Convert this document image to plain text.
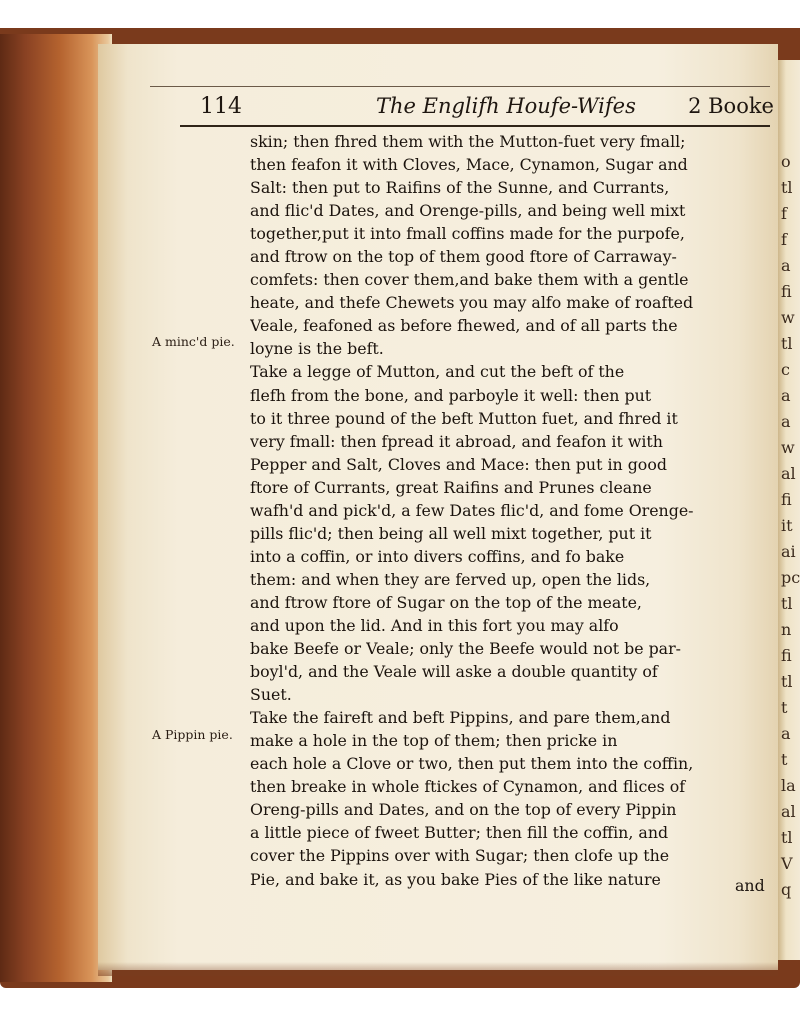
o
tl
f
f
a
fi
w
tl
c
a
a
w
al
fi
it
ai
pc
tl
n
fi
tl
t
a
t
la
al
tl
V
q
114	The Englifh Houfe-Wifes 2 Booke
A minc'd pie.
A Pippin pie.
skin; then fhred them with the Mutton-fuet very fmall;
then feafon it with Cloves, Mace, Cynamon, Sugar and
Salt: then put to Raifins of the Sunne, and Currants,
and flic'd Dates, and Orenge-pills, and being well mixt
together,put it into fmall coffins made for the purpofe,
and ftrow on the top of them good ftore of Carraway-
comfets: then cover them,and bake them with a gentle
heate, and thefe Chewets you may alfo make of roafted
Veale, feafoned as before fhewed, and of all parts the
loyne is the beft.
Take a legge of Mutton, and cut the beft of the
flefh from the bone, and parboyle it well: then put
to it three pound of the beft Mutton fuet, and fhred it
very fmall: then fpread it abroad, and feafon it with
Pepper and Salt, Cloves and Mace: then put in good
ftore of Currants, great Raifins and Prunes cleane
wafh'd and pick'd, a few Dates flic'd, and fome Orenge-
pills flic'd; then being all well mixt together, put it
into a coffin, or into divers coffins, and fo bake
them: and when they are ferved up, open the lids,
and ftrow ftore of Sugar on the top of the meate,
and upon the lid. And in this fort you may alfo
bake Beefe or Veale; only the Beefe would not be par-
boyl'd, and the Veale will aske a double quantity of
Suet.
Take the faireft and beft Pippins, and pare them,and
make a hole in the top of them; then pricke in
each hole a Clove or two, then put them into the coffin,
then breake in whole ftickes of Cynamon, and flices of
Oreng-pills and Dates, and on the top of every Pippin
a little piece of fweet Butter; then fill the coffin, and
cover the Pippins over with Sugar; then clofe up the
Pie, and bake it, as you bake Pies of the like nature	and
